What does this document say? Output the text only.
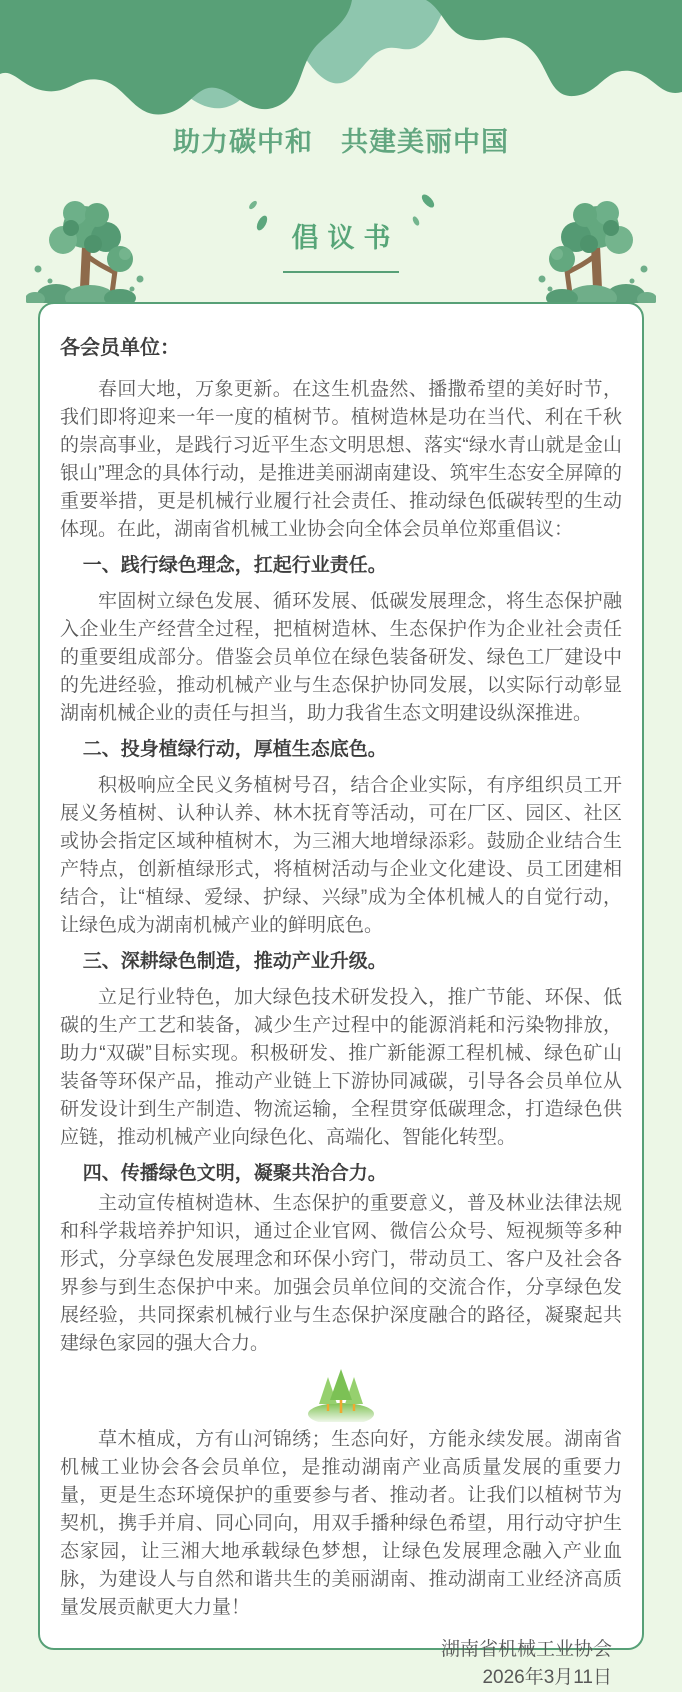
助力碳中和　共建美丽中国
倡议书

各会员单位：

春回大地，万象更新。在这生机盎然、播撒希望的美好时节，我们即将迎来一年一度的植树节。植树造林是功在当代、利在千秋的崇高事业，是践行习近平生态文明思想、落实“绿水青山就是金山银山”理念的具体行动，是推进美丽湖南建设、筑牢生态安全屏障的重要举措，更是机械行业履行社会责任、推动绿色低碳转型的生动体现。在此，湖南省机械工业协会向全体会员单位郑重倡议：

一、践行绿色理念，扛起行业责任。

牢固树立绿色发展、循环发展、低碳发展理念，将生态保护融入企业生产经营全过程，把植树造林、生态保护作为企业社会责任的重要组成部分。借鉴会员单位在绿色装备研发、绿色工厂建设中的先进经验，推动机械产业与生态保护协同发展，以实际行动彰显湖南机械企业的责任与担当，助力我省生态文明建设纵深推进。

二、投身植绿行动，厚植生态底色。

积极响应全民义务植树号召，结合企业实际，有序组织员工开展义务植树、认种认养、林木抚育等活动，可在厂区、园区、社区或协会指定区域种植树木，为三湘大地增绿添彩。鼓励企业结合生产特点，创新植绿形式，将植树活动与企业文化建设、员工团建相结合，让“植绿、爱绿、护绿、兴绿”成为全体机械人的自觉行动，让绿色成为湖南机械产业的鲜明底色。

三、深耕绿色制造，推动产业升级。

立足行业特色，加大绿色技术研发投入，推广节能、环保、低碳的生产工艺和装备，减少生产过程中的能源消耗和污染物排放，助力“双碳”目标实现。积极研发、推广新能源工程机械、绿色矿山装备等环保产品，推动产业链上下游协同减碳，引导各会员单位从研发设计到生产制造、物流运输，全程贯穿低碳理念，打造绿色供应链，推动机械产业向绿色化、高端化、智能化转型。

四、传播绿色文明，凝聚共治合力。

主动宣传植树造林、生态保护的重要意义，普及林业法律法规和科学栽培养护知识，通过企业官网、微信公众号、短视频等多种形式，分享绿色发展理念和环保小窍门，带动员工、客户及社会各界参与到生态保护中来。加强会员单位间的交流合作，分享绿色发展经验，共同探索机械行业与生态保护深度融合的路径，凝聚起共建绿色家园的强大合力。

草木植成，方有山河锦绣；生态向好，方能永续发展。湖南省机械工业协会各会员单位，是推动湖南产业高质量发展的重要力量，更是生态环境保护的重要参与者、推动者。让我们以植树节为契机，携手并肩、同心同向，用双手播种绿色希望，用行动守护生态家园，让三湘大地承载绿色梦想，让绿色发展理念融入产业血脉，为建设人与自然和谐共生的美丽湖南、推动湖南工业经济高质量发展贡献更大力量！

湖南省机械工业协会
2026年3月11日
